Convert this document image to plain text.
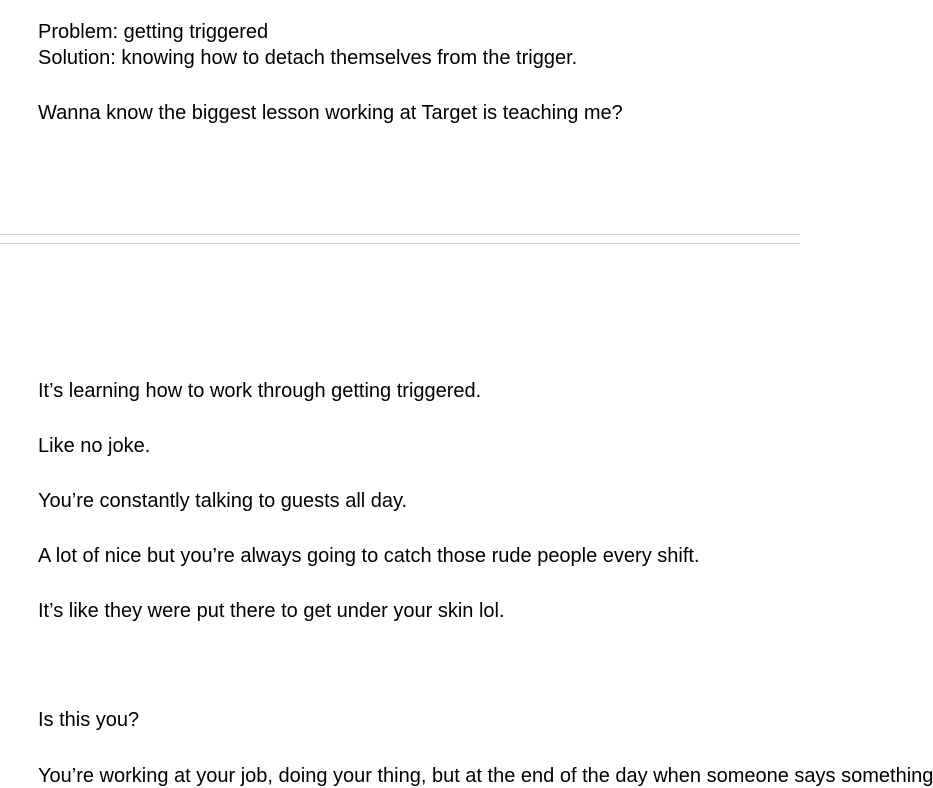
Problem: getting triggered

Solution: knowing how to detach themselves from the trigger.

Wanna know the biggest lesson working at Target is teaching me?

It’s learning how to work through getting triggered.

Like no joke.

You’re constantly talking to guests all day.

A lot of nice but you’re always going to catch those rude people every shift.

It’s like they were put there to get under your skin lol.

Is this you?

You’re working at your job, doing your thing, but at the end of the day when someone says something
